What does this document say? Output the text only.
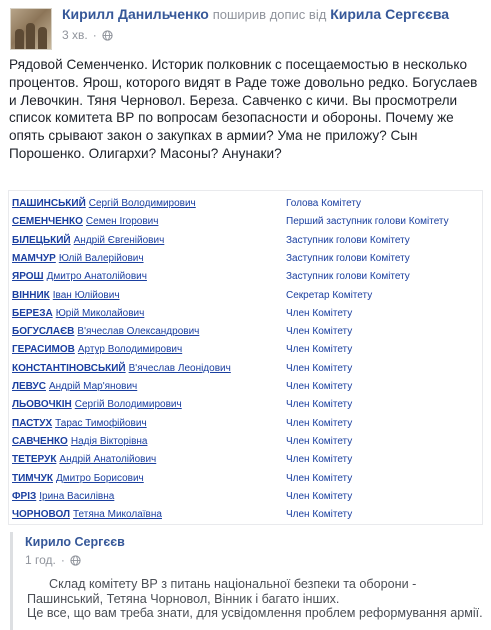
Кирилл Данильченко поширив допис від Кирила Сергєєва
3 хв. ·

Рядовой Семенченко. Историк полковник с посещаемостью в несколько процентов. Ярош, которого видят в Раде тоже довольно редко. Богуслаев и Левочкин. Тяня Черновол. Береза. Савченко с кичи. Вы просмотрели список комитета ВР по вопросам безопасности и обороны. Почему же опять срывают закон о закупках в армии? Ума не приложу? Сын Порошенко. Олигархи? Масоны? Анунаки?

ПАШИНСЬКИЙ Сергій Володимирович	Голова Комітету
СЕМЕНЧЕНКО Семен Ігорович	Перший заступник голови Комітету
БІЛЕЦЬКИЙ Андрій Євгенійович	Заступник голови Комітету
МАМЧУР Юлій Валерійович	Заступник голови Комітету
ЯРОШ Дмитро Анатолійович	Заступник голови Комітету
ВІННИК Іван Юлійович	Секретар Комітету
БЕРЕЗА Юрій Миколайович	Член Комітету
БОГУСЛАЄВ В'ячеслав Олександрович	Член Комітету
ГЕРАСИМОВ Артур Володимирович	Член Комітету
КОНСТАНТІНОВСЬКИЙ В'ячеслав Леонідович	Член Комітету
ЛЕВУС Андрій Мар'янович	Член Комітету
ЛЬОВОЧКІН Сергій Володимирович	Член Комітету
ПАСТУХ Тарас Тимофійович	Член Комітету
САВЧЕНКО Надія Вікторівна	Член Комітету
ТЕТЕРУК Андрій Анатолійович	Член Комітету
ТИМЧУК Дмитро Борисович	Член Комітету
ФРІЗ Ірина Василівна	Член Комітету
ЧОРНОВОЛ Тетяна Миколаївна	Член Комітету
Кирило Сергєєв
1 год. ·

Склад комітету ВР з питань національної безпеки та оборони -

Пашинський, Тетяна Чорновол, Вінник і багато інших.

Це все, що вам треба знати, для усвідомлення проблем реформування армії.
